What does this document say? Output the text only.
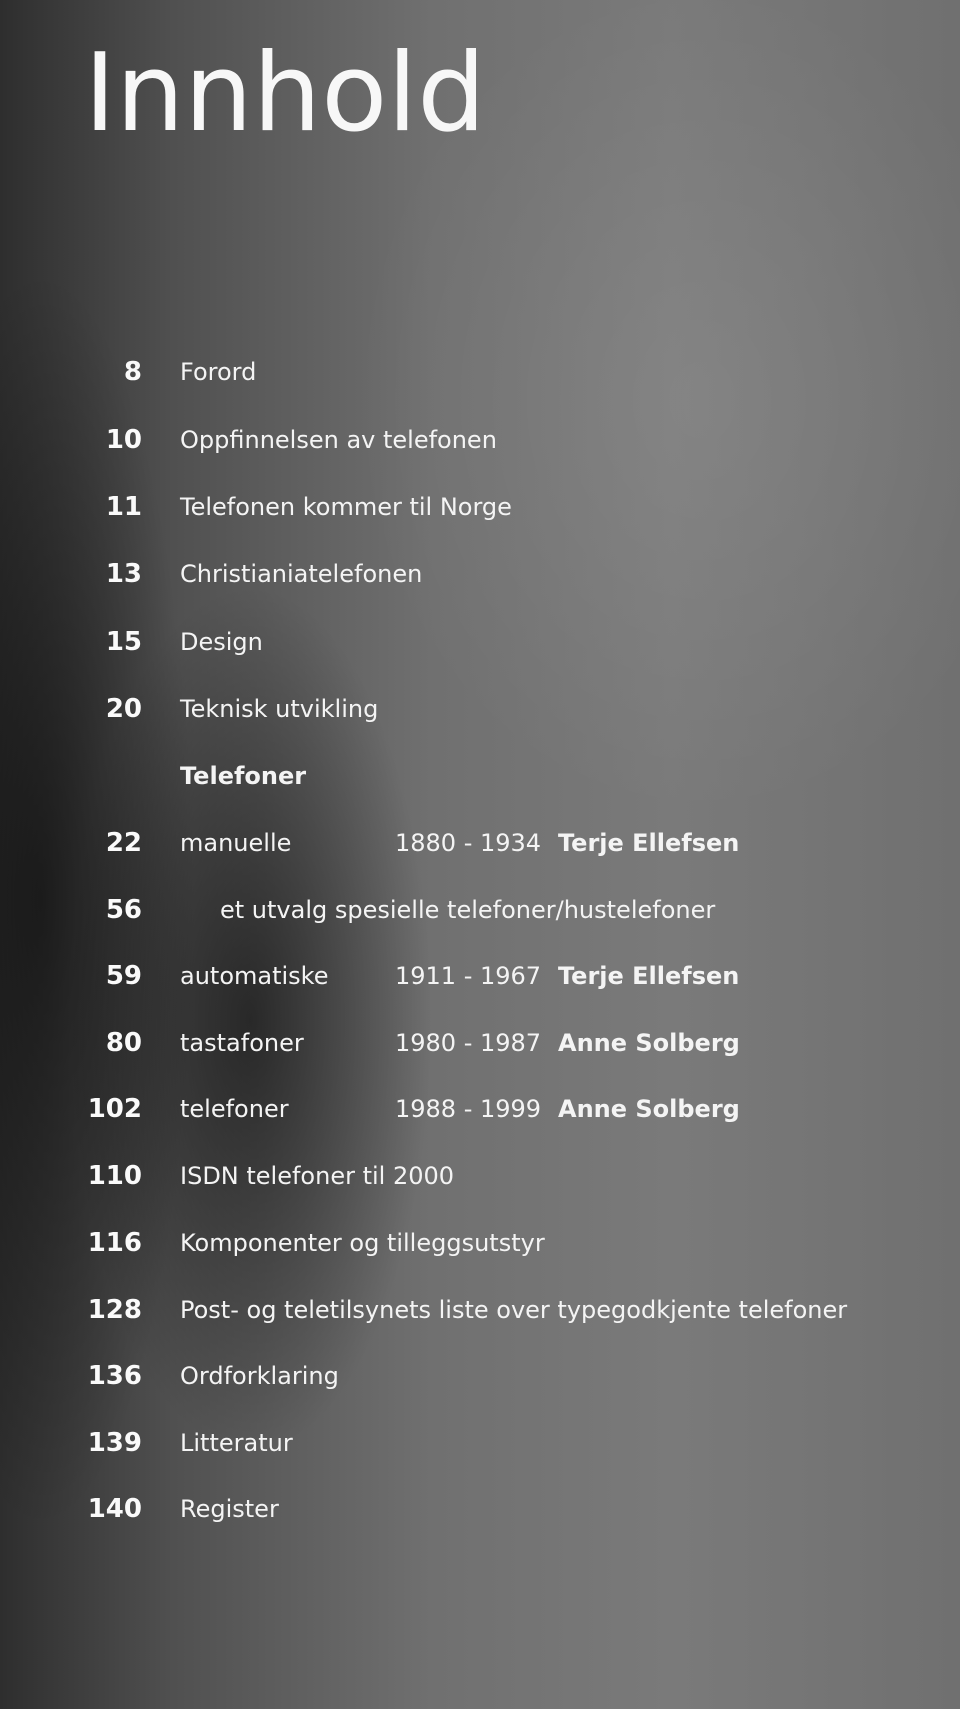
Innhold
8 Forord
10 Oppfinnelsen av telefonen
11 Telefonen kommer til Norge
13 Christianiatelefonen
15 Design
20 Teknisk utvikling
Telefoner
22 manuelle	1880 - 1934 Terje Ellefsen
56	et utvalg spesielle telefoner/hustelefoner
59 automatiske	1911 - 1967 Terje Ellefsen
80 tastafoner	1980 - 1987 Anne Solberg
102 telefoner	1988 - 1999 Anne Solberg
110 ISDN telefoner til 2000
116 Komponenter og tilleggsutstyr
128 Post- og teletilsynets liste over typegodkjente telefoner
136 Ordforklaring
139 Litteratur
140 Register
